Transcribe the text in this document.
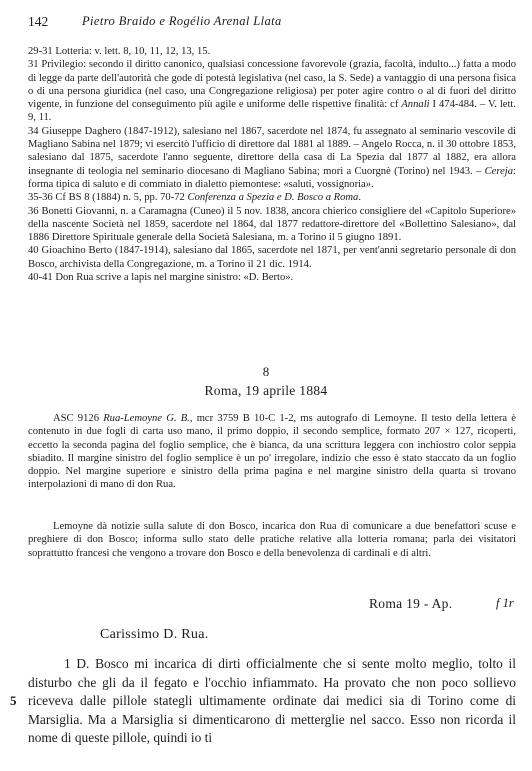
142	Pietro Braido e Rogélio Arenal Llata

29-31 Lotteria: v. lett. 8, 10, 11, 12, 13, 15.

31 Privilegio: secondo il diritto canonico, qualsiasi concessione favorevole (grazia, facoltà, indulto...) fatta a modo di legge da parte dell'autorità che gode di potestà legislativa (nel caso, la S. Sede) a vantaggio di una persona fisica o di una persona giuridica (nel caso, una Congregazione religiosa) per poter agire contro o al di fuori del diritto vigente, in funzione del conseguimento più agile e uniforme delle rispettive finalità: cf Annali I 474-484. – V. lett. 9, 11.

34 Giuseppe Daghero (1847-1912), salesiano nel 1867, sacerdote nel 1874, fu assegnato al seminario vescovile di Magliano Sabina nel 1879; vi esercitò l'ufficio di direttore dal 1881 al 1889. – Angelo Rocca, n. il 30 ottobre 1853, salesiano dal 1875, sacerdote l'anno seguente, direttore della casa di La Spezia dal 1877 al 1882, era allora insegnante di teologia nel seminario diocesano di Magliano Sabina; morì a Cuorgnè (Torino) nel 1943. – Cereja: forma tipica di saluto e di commiato in dialetto piemontese: «saluti, vossignoria».

35-36 Cf BS 8 (1884) n. 5, pp. 70-72 Conferenza a Spezia e D. Bosco a Roma.

36 Bonetti Giovanni, n. a Caramagna (Cuneo) il 5 nov. 1838, ancora chierico consigliere del «Capitolo Superiore» della nascente Società nel 1859, sacerdote nel 1864, dal 1877 redattore-direttore del «Bollettino Salesiano», dal 1886 Direttore Spirituale generale della Società Salesiana, m. a Torino il 5 giugno 1891.

40 Gioachino Berto (1847-1914), salesiano dal 1865, sacerdote nel 1871, per vent'anni segretario personale di don Bosco, archivista della Congregazione, m. a Torino il 21 dic. 1914.

40-41 Don Rua scrive a lapis nel margine sinistro: «D. Berto».

8
Roma, 19 aprile 1884

ASC 9126 Rua-Lemoyne G. B., mcr 3759 B 10-C 1-2, ms autografo di Lemoyne. Il testo della lettera è contenuto in due fogli di carta uso mano, il primo doppio, il secondo semplice, formato 207 × 127, ricoperti, eccetto la seconda pagina del foglio semplice, che è bianca, da una scrittura leggera con inchiostro color seppia sbiadito. Il margine sinistro del foglio semplice è un po' irregolare, indizio che esso è stato staccato da un foglio doppio. Nel margine superiore e sinistro della prima pagina e nel margine sinistro della quarta si trovano interpolazioni di mano di don Rua.

Lemoyne dà notizie sulla salute di don Bosco, incarica don Rua di comunicare a due benefattori scuse e preghiere di don Bosco; informa sullo stato delle pratiche relative alla lotteria romana; parla dei visitatori soprattutto francesi che vengono a trovare don Bosco e della benevolenza di cardinali e di altri.

Roma 19 - Ap.	f 1r
Carissimo D. Rua.

1 D. Bosco mi incarica di dirti officialmente che si sente molto meglio, tolto il disturbo che gli da il fegato e l'occhio infiammato. Ha provato che non poco sollievo riceveva dalle pillole stategli ultimamente ordinate dai medici sia di Torino come di Marsiglia. Ma a Marsiglia si dimenticarono di metterglie nel sacco. Esso non ricorda il nome di queste pillole, quindi io ti

5
